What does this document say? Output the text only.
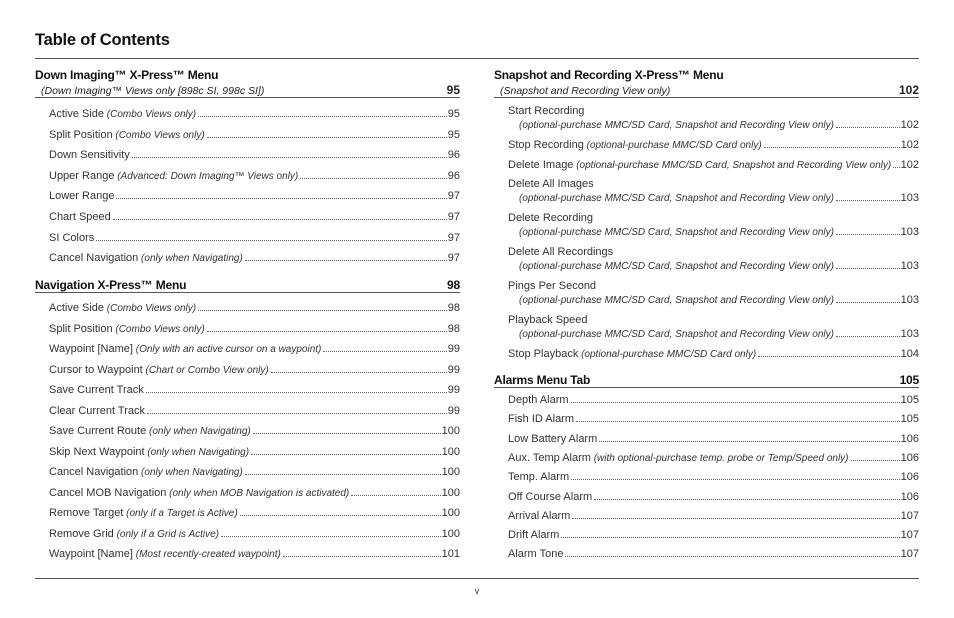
Table of Contents
Down Imaging™ X-Press™ Menu
(Down Imaging™ Views only [898c SI, 998c SI])	95
Active Side (Combo Views only)	95
Split Position (Combo Views only)	95
Down Sensitivity	96
Upper Range (Advanced: Down Imaging™ Views only)	96
Lower Range	97
Chart Speed	97
SI Colors	97
Cancel Navigation (only when Navigating)	97
Navigation X-Press™ Menu	98
Active Side (Combo Views only)	98
Split Position (Combo Views only)	98
Waypoint [Name] (Only with an active cursor on a waypoint)	99
Cursor to Waypoint (Chart or Combo View only)	99
Save Current Track	99
Clear Current Track	99
Save Current Route (only when Navigating)	100
Skip Next Waypoint (only when Navigating)	100
Cancel Navigation (only when Navigating)	100
Cancel MOB Navigation (only when MOB Navigation is activated)	100
Remove Target (only if a Target is Active)	100
Remove Grid (only if a Grid is Active)	100
Waypoint [Name] (Most recently-created waypoint)	101
Snapshot and Recording X-Press™ Menu
(Snapshot and Recording View only)	102
Start Recording
(optional-purchase MMC/SD Card, Snapshot and Recording View only)	102
Stop Recording (optional-purchase MMC/SD Card only)	102
Delete Image (optional-purchase MMC/SD Card, Snapshot and Recording View only) 102
Delete All Images
(optional-purchase MMC/SD Card, Snapshot and Recording View only)	103
Delete Recording
(optional-purchase MMC/SD Card, Snapshot and Recording View only)	103
Delete All Recordings
(optional-purchase MMC/SD Card, Snapshot and Recording View only)	103
Pings Per Second
(optional-purchase MMC/SD Card, Snapshot and Recording View only)	103
Playback Speed
(optional-purchase MMC/SD Card, Snapshot and Recording View only)	103
Stop Playback (optional-purchase MMC/SD Card only)	104
Alarms Menu Tab	105
Depth Alarm	105
Fish ID Alarm	105
Low Battery Alarm	106
Aux. Temp Alarm (with optional-purchase temp. probe or Temp/Speed only)	106
Temp. Alarm	106
Off Course Alarm	106
Arrival Alarm	107
Drift Alarm	107
Alarm Tone	107
v
